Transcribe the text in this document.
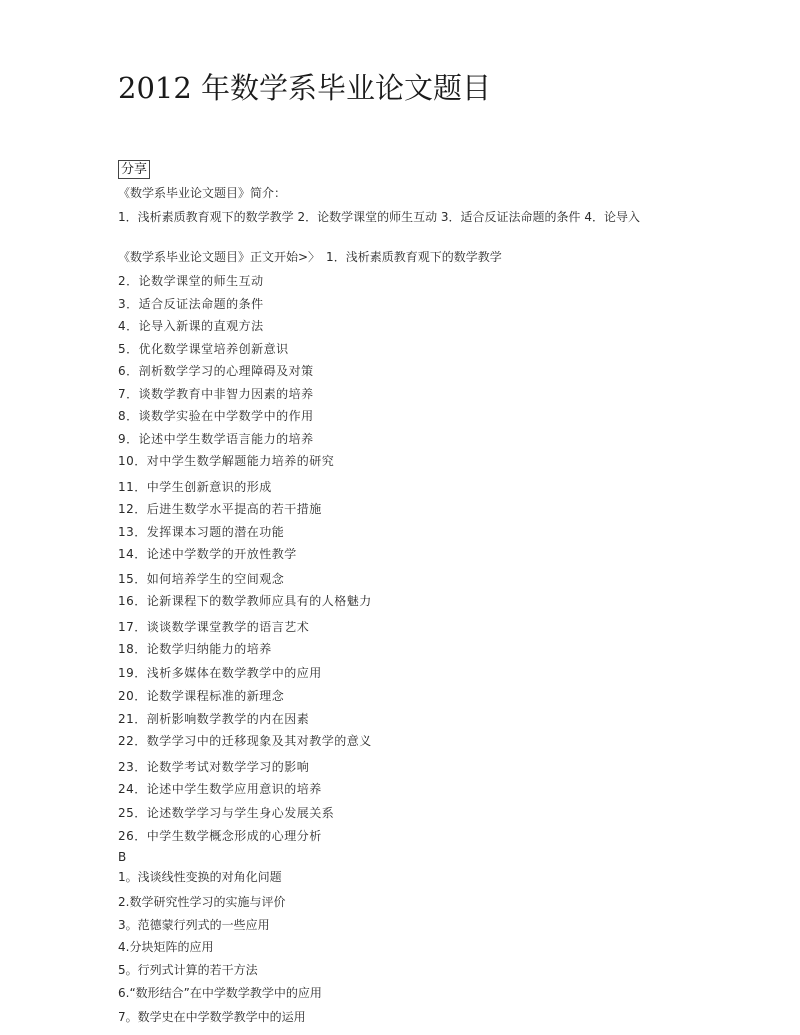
2012 年数学系毕业论文题目
分享
《数学系毕业论文题目》简介：
1．浅析素质教育观下的数学教学 2．论数学课堂的师生互动 3．适合反证法命题的条件 4．论导入
《数学系毕业论文题目》正文开始>〉　1．浅析素质教育观下的数学教学
2．论数学课堂的师生互动
3．适合反证法命题的条件
4．论导入新课的直观方法
5．优化数学课堂培养创新意识
6．剖析数学学习的心理障碍及对策
7．谈数学教育中非智力因素的培养
8．谈数学实验在中学数学中的作用
9．论述中学生数学语言能力的培养
10．对中学生数学解题能力培养的研究
11．中学生创新意识的形成
12．后进生数学水平提高的若干措施
13．发挥课本习题的潜在功能
14．论述中学数学的开放性教学
15．如何培养学生的空间观念
16．论新课程下的数学教师应具有的人格魅力
17．谈谈数学课堂教学的语言艺术
18．论数学归纳能力的培养
19．浅析多媒体在数学教学中的应用
20．论数学课程标准的新理念
21．剖析影响数学教学的内在因素
22．数学学习中的迁移现象及其对教学的意义
23．论数学考试对数学学习的影响
24．论述中学生数学应用意识的培养
25．论述数学学习与学生身心发展关系
26．中学生数学概念形成的心理分析
B
1。浅谈线性变换的对角化问题
2.数学研究性学习的实施与评价
3。范德蒙行列式的一些应用
4.分块矩阵的应用
5。行列式计算的若干方法
6.“数形结合”在中学数学教学中的应用
7。数学史在中学数学教学中的运用
